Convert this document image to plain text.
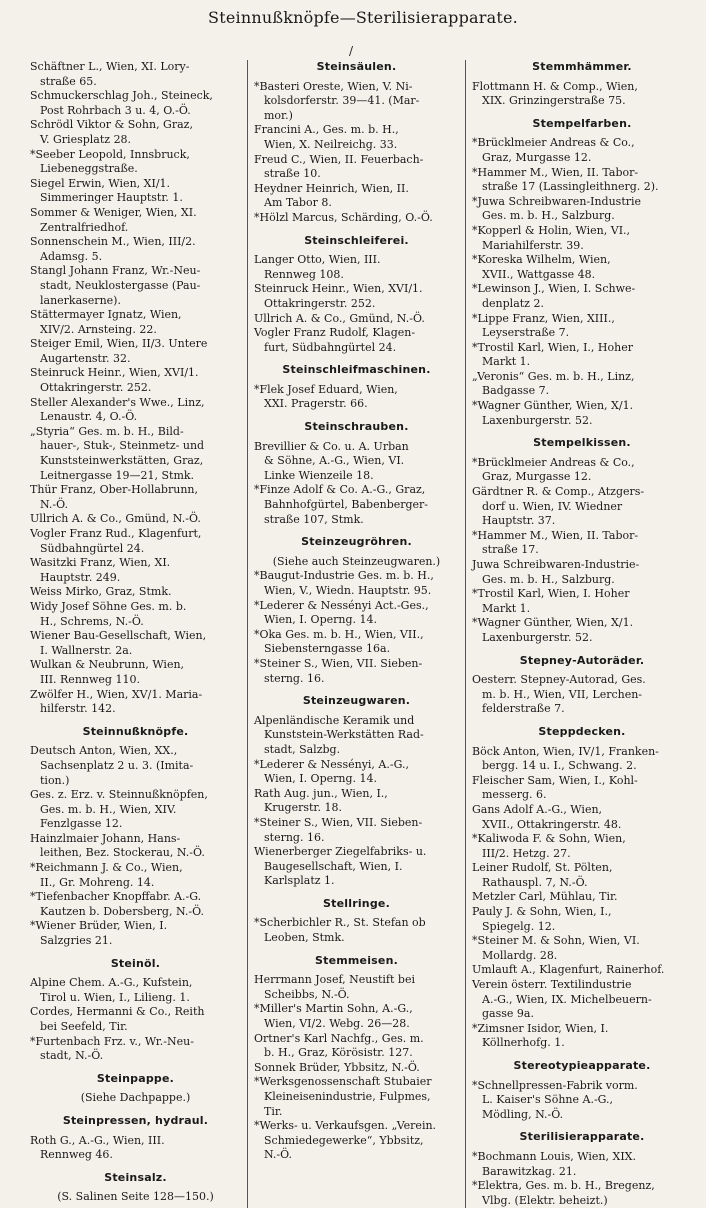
Steinnußknöpfe—Sterilisierapparate.
/
Schäftner L., Wien, XI. Lory-
straße 65.
Schmuckerschlag Joh., Steineck,
Post Rohrbach 3 u. 4, O.-Ö.
Schrödl Viktor & Sohn, Graz,
V. Griesplatz 28.
*Seeber Leopold, Innsbruck,
Liebeneggstraße.
Siegel Erwin, Wien, XI/1.
Simmeringer Hauptstr. 1.
Sommer & Weniger, Wien, XI.
Zentralfriedhof.
Sonnenschein M., Wien, III/2.
Adamsg. 5.
Stangl Johann Franz, Wr.-Neu-
stadt, Neuklostergasse (Pau-
lanerkaserne).
Stättermayer Ignatz, Wien,
XIV/2. Arnsteing. 22.
Steiger Emil, Wien, II/3. Untere
Augartenstr. 32.
Steinruck Heinr., Wien, XVI/1.
Ottakringerstr. 252.
Steller Alexander's Wwe., Linz,
Lenaustr. 4, O.-Ö.
„Styria“ Ges. m. b. H., Bild-
hauer-, Stuk-, Steinmetz- und
Kunststeinwerkstätten, Graz,
Leitnergasse 19—21, Stmk.
Thür Franz, Ober-Hollabrunn,
N.-Ö.
Ullrich A. & Co., Gmünd, N.-Ö.
Vogler Franz Rud., Klagenfurt,
Südbahngürtel 24.
Wasitzki Franz, Wien, XI.
Hauptstr. 249.
Weiss Mirko, Graz, Stmk.
Widy Josef Söhne Ges. m. b.
H., Schrems, N.-Ö.
Wiener Bau-Gesellschaft, Wien,
I. Wallnerstr. 2a.
Wulkan & Neubrunn, Wien,
III. Rennweg 110.
Zwölfer H., Wien, XV/1. Maria-
hilferstr. 142.
Steinnußknöpfe.
Deutsch Anton, Wien, XX.,
Sachsenplatz 2 u. 3. (Imita-
tion.)
Ges. z. Erz. v. Steinnußknöpfen,
Ges. m. b. H., Wien, XIV.
Fenzlgasse 12.
Hainzlmaier Johann, Hans-
leithen, Bez. Stockerau, N.-Ö.
*Reichmann J. & Co., Wien,
II., Gr. Mohreng. 14.
*Tiefenbacher Knopffabr. A.-G.
Kautzen b. Dobersberg, N.-Ö.
*Wiener Brüder, Wien, I.
Salzgries 21.
Steinöl.
Alpine Chem. A.-G., Kufstein,
Tirol u. Wien, I., Lilieng. 1.
Cordes, Hermanni & Co., Reith
bei Seefeld, Tir.
*Furtenbach Frz. v., Wr.-Neu-
stadt, N.-Ö.
Steinpappe.
(Siehe Dachpappe.)
Steinpressen, hydraul.
Roth G., A.-G., Wien, III.
Rennweg 46.
Steinsalz.
(S. Salinen Seite 128—150.)
Steinsäulen.
*Basteri Oreste, Wien, V. Ni-
kolsdorferstr. 39—41. (Mar-
mor.)
Francini A., Ges. m. b. H.,
Wien, X. Neilreichg. 33.
Freud C., Wien, II. Feuerbach-
straße 10.
Heydner Heinrich, Wien, II.
Am Tabor 8.
*Hölzl Marcus, Schärding, O.-Ö.
Steinschleiferei.
Langer Otto, Wien, III.
Rennweg 108.
Steinruck Heinr., Wien, XVI/1.
Ottakringerstr. 252.
Ullrich A. & Co., Gmünd, N.-Ö.
Vogler Franz Rudolf, Klagen-
furt, Südbahngürtel 24.
Steinschleifmaschinen.
*Flek Josef Eduard, Wien,
XXI. Pragerstr. 66.
Steinschrauben.
Brevillier & Co. u. A. Urban
& Söhne, A.-G., Wien, VI.
Linke Wienzeile 18.
*Finze Adolf & Co. A.-G., Graz,
Bahnhofgürtel, Babenberger-
straße 107, Stmk.
Steinzeugröhren.
(Siehe auch Steinzeugwaren.)
*Baugut-Industrie Ges. m. b. H.,
Wien, V., Wiedn. Hauptstr. 95.
*Lederer & Nessényi Act.-Ges.,
Wien, I. Operng. 14.
*Oka Ges. m. b. H., Wien, VII.,
Siebensterngasse 16a.
*Steiner S., Wien, VII. Sieben-
sterng. 16.
Steinzeugwaren.
Alpenländische Keramik und
Kunststein-Werkstätten Rad-
stadt, Salzbg.
*Lederer & Nessényi, A.-G.,
Wien, I. Operng. 14.
Rath Aug. jun., Wien, I.,
Krugerstr. 18.
*Steiner S., Wien, VII. Sieben-
sterng. 16.
Wienerberger Ziegelfabriks- u.
Baugesellschaft, Wien, I.
Karlsplatz 1.
Stellringe.
*Scherbichler R., St. Stefan ob
Leoben, Stmk.
Stemmeisen.
Herrmann Josef, Neustift bei
Scheibbs, N.-Ö.
*Miller's Martin Sohn, A.-G.,
Wien, VI/2. Webg. 26—28.
Ortner's Karl Nachfg., Ges. m.
b. H., Graz, Körösistr. 127.
Sonnek Brüder, Ybbsitz, N.-Ö.
*Werksgenossenschaft Stubaier
Kleineisenindustrie, Fulpmes,
Tir.
*Werks- u. Verkaufsgen. „Verein.
Schmiedegewerke“, Ybbsitz,
N.-Ö.
Stemmhämmer.
Flottmann H. & Comp., Wien,
XIX. Grinzingerstraße 75.
Stempelfarben.
*Brücklmeier Andreas & Co.,
Graz, Murgasse 12.
*Hammer M., Wien, II. Tabor-
straße 17 (Lassingleithnerg. 2).
*Juwa Schreibwaren-Industrie
Ges. m. b. H., Salzburg.
*Kopperl & Holin, Wien, VI.,
Mariahilferstr. 39.
*Koreska Wilhelm, Wien,
XVII., Wattgasse 48.
*Lewinson J., Wien, I. Schwe-
denplatz 2.
*Lippe Franz, Wien, XIII.,
Leyserstraße 7.
*Trostil Karl, Wien, I., Hoher
Markt 1.
„Veronis“ Ges. m. b. H., Linz,
Badgasse 7.
*Wagner Günther, Wien, X/1.
Laxenburgerstr. 52.
Stempelkissen.
*Brücklmeier Andreas & Co.,
Graz, Murgasse 12.
Gärdtner R. & Comp., Atzgers-
dorf u. Wien, IV. Wiedner
Hauptstr. 37.
*Hammer M., Wien, II. Tabor-
straße 17.
Juwa Schreibwaren-Industrie-
Ges. m. b. H., Salzburg.
*Trostil Karl, Wien, I. Hoher
Markt 1.
*Wagner Günther, Wien, X/1.
Laxenburgerstr. 52.
Stepney-Autoräder.
Oesterr. Stepney-Autorad, Ges.
m. b. H., Wien, VII, Lerchen-
felderstraße 7.
Steppdecken.
Böck Anton, Wien, IV/1, Franken-
bergg. 14 u. I., Schwang. 2.
Fleischer Sam, Wien, I., Kohl-
messerg. 6.
Gans Adolf A.-G., Wien,
XVII., Ottakringerstr. 48.
*Kaliwoda F. & Sohn, Wien,
III/2. Hetzg. 27.
Leiner Rudolf, St. Pölten,
Rathauspl. 7, N.-Ö.
Metzler Carl, Mühlau, Tir.
Pauly J. & Sohn, Wien, I.,
Spiegelg. 12.
*Steiner M. & Sohn, Wien, VI.
Mollardg. 28.
Umlauft A., Klagenfurt, Rainerhof.
Verein österr. Textilindustrie
A.-G., Wien, IX. Michelbeuern-
gasse 9a.
*Zimsner Isidor, Wien, I.
Köllnerhofg. 1.
Stereotypieapparate.
*Schnellpressen-Fabrik vorm.
L. Kaiser's Söhne A.-G.,
Mödling, N.-Ö.
Sterilisierapparate.
*Bochmann Louis, Wien, XIX.
Barawitzkag. 21.
*Elektra, Ges. m. b. H., Bregenz,
Vlbg. (Elektr. beheizt.)
